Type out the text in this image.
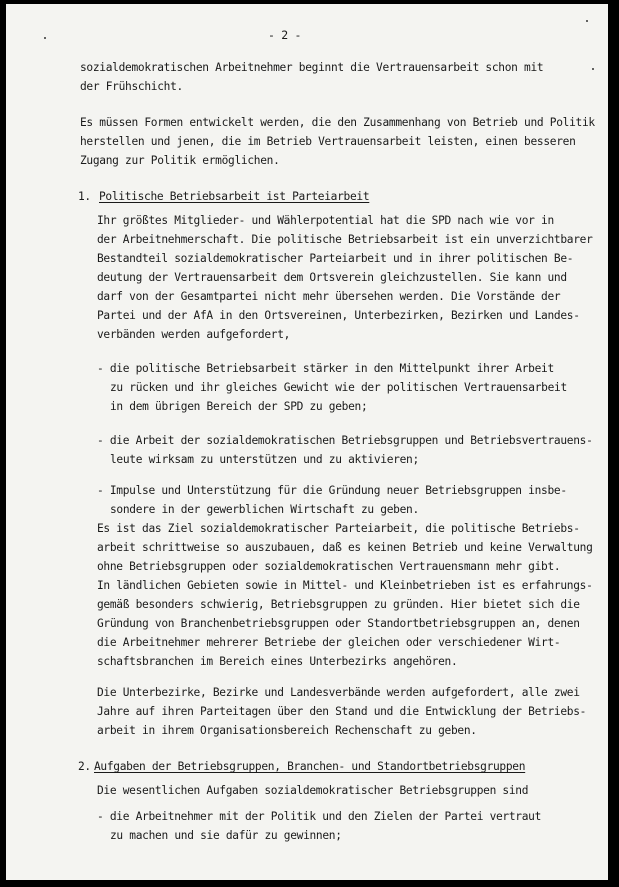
- 2 -
sozialdemokratischen Arbeitnehmer beginnt die Vertrauensarbeit schon mit
der Frühschicht.
Es müssen Formen entwickelt werden, die den Zusammenhang von Betrieb und Politik
herstellen und jenen, die im Betrieb Vertrauensarbeit leisten, einen besseren
Zugang zur Politik ermöglichen.
1. Politische Betriebsarbeit ist Parteiarbeit
Ihr größtes Mitglieder- und Wählerpotential hat die SPD nach wie vor in
der Arbeitnehmerschaft. Die politische Betriebsarbeit ist ein unverzichtbarer
Bestandteil sozialdemokratischer Parteiarbeit und in ihrer politischen Be-
deutung der Vertrauensarbeit dem Ortsverein gleichzustellen. Sie kann und
darf von der Gesamtpartei nicht mehr übersehen werden. Die Vorstände der
Partei und der AfA in den Ortsvereinen, Unterbezirken, Bezirken und Landes-
verbänden werden aufgefordert,
- die politische Betriebsarbeit stärker in den Mittelpunkt ihrer Arbeit
zu rücken und ihr gleiches Gewicht wie der politischen Vertrauensarbeit
in dem übrigen Bereich der SPD zu geben;
- die Arbeit der sozialdemokratischen Betriebsgruppen und Betriebsvertrauens-
leute wirksam zu unterstützen und zu aktivieren;
- Impulse und Unterstützung für die Gründung neuer Betriebsgruppen insbe-
sondere in der gewerblichen Wirtschaft zu geben.
Es ist das Ziel sozialdemokratischer Parteiarbeit, die politische Betriebs-
arbeit schrittweise so auszubauen, daß es keinen Betrieb und keine Verwaltung
ohne Betriebsgruppen oder sozialdemokratischen Vertrauensmann mehr gibt.
In ländlichen Gebieten sowie in Mittel- und Kleinbetrieben ist es erfahrungs-
gemäß besonders schwierig, Betriebsgruppen zu gründen. Hier bietet sich die
Gründung von Branchenbetriebsgruppen oder Standortbetriebsgruppen an, denen
die Arbeitnehmer mehrerer Betriebe der gleichen oder verschiedener Wirt-
schaftsbranchen im Bereich eines Unterbezirks angehören.
Die Unterbezirke, Bezirke und Landesverbände werden aufgefordert, alle zwei
Jahre auf ihren Parteitagen über den Stand und die Entwicklung der Betriebs-
arbeit in ihrem Organisationsbereich Rechenschaft zu geben.
2. Aufgaben der Betriebsgruppen, Branchen- und Standortbetriebsgruppen
Die wesentlichen Aufgaben sozialdemokratischer Betriebsgruppen sind
- die Arbeitnehmer mit der Politik und den Zielen der Partei vertraut
zu machen und sie dafür zu gewinnen;
